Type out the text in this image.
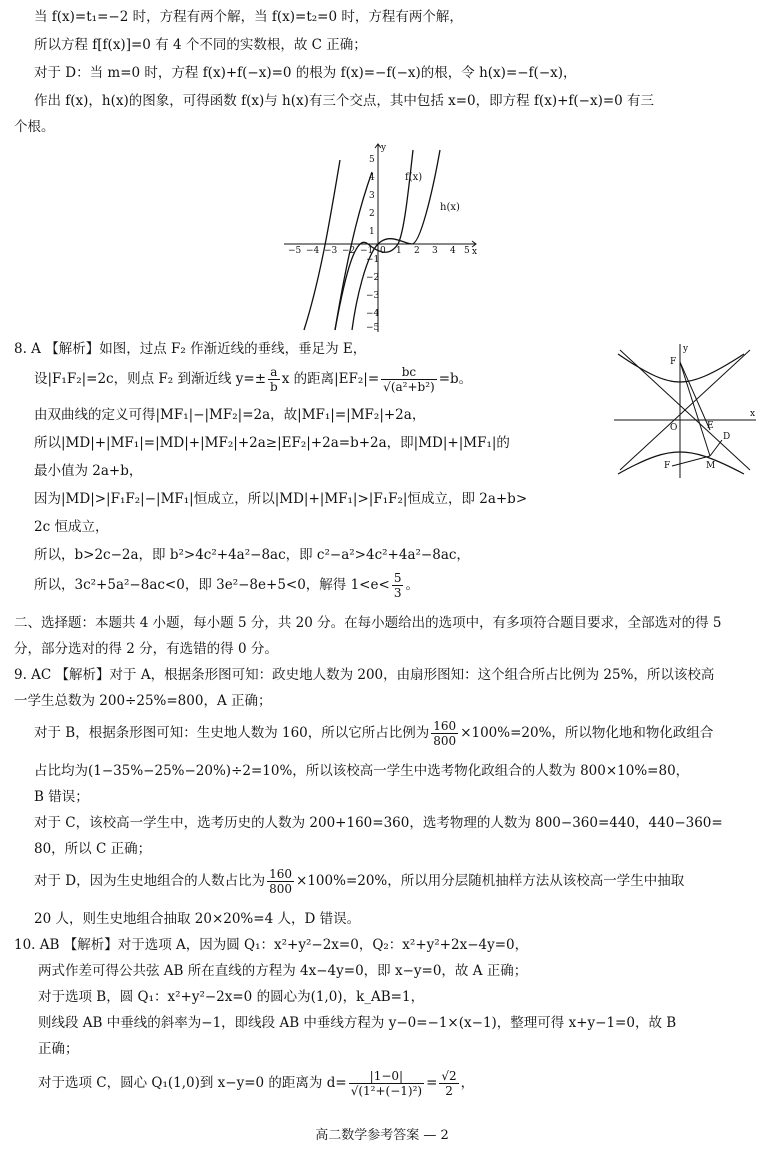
当 f(x)=t₁=−2 时，方程有两个解，当 f(x)=t₂=0 时，方程有两个解，
所以方程 f[f(x)]=0 有 4 个不同的实数根，故 C 正确；
对于 D：当 m=0 时，方程 f(x)+f(−x)=0 的根为 f(x)=−f(−x)的根，令 h(x)=−f(−x)，
作出 f(x)，h(x)的图象，可得函数 f(x)与 h(x)有三个交点，其中包括 x=0，即方程 f(x)+f(−x)=0 有三
个根。
y
x
f(x)
h(x)
−5 −4 −3 −2 −1 0 1 2 3 4 5
5
4
3
2
1
−1
−2
−3
−4
−5
8. A 【解析】如图，过点 F₂ 作渐近线的垂线，垂足为 E，
设|F₁F₂|=2c，则点 F₂ 到渐近线 $y=\pm \frac{a}{b}$ x 的距离$|EF_2|= \frac{bc}{\text{√(a²+b²)}} =b$。
由双曲线的定义可得|MF₁|−|MF₂|=2a，故|MF₁|=|MF₂|+2a，
所以|MD|+|MF₁|=|MD|+|MF₂|+2a≥|EF₂|+2a=b+2a，即|MD|+|MF₁|的
最小值为 2a+b，
因为|MD|>|F₁F₂|−|MF₁|恒成立，所以|MD|+|MF₁|>|F₁F₂|恒成立，即 2a+b>
2c 恒成立，
所以，b>2c−2a，即 b²>4c²+4a²−8ac，即 c²−a²>4c²+4a²−8ac，
所以，3c²+5a²−8ac<0，即 3e²−8e+5<0，解得 $1<e< \frac{5}{3}$ 。
y
x
O	E
D
M
F
F
二、选择题：本题共 4 小题，每小题 5 分，共 20 分。在每小题给出的选项中，有多项符合题目要求，全部选对的得 5
分，部分选对的得 2 分，有选错的得 0 分。
9. AC 【解析】对于 A，根据条形图可知：政史地人数为 200，由扇形图知：这个组合所占比例为 25%，所以该校高
一学生总数为 200÷25%=800，A 正确；
对于 B，根据条形图可知：生史地人数为 160，所以它所占比例为 $\frac{160}{800} \times 100\%=20\%$，所以物化地和物化政组合
占比均为(1−35%−25%−20%)÷2=10%，所以该校高一学生中选考物化政组合的人数为 800×10%=80，
B 错误；
对于 C，该校高一学生中，选考历史的人数为 200+160=360，选考物理的人数为 800−360=440，440−360=
80，所以 C 正确；
对于 D，因为生史地组合的人数占比为 $\frac{160}{800} \times 100\%=20\%$，所以用分层随机抽样方法从该校高一学生中抽取
20 人，则生史地组合抽取 20×20%=4 人，D 错误。
10. AB 【解析】对于选项 A，因为圆 Q₁：x²+y²−2x=0，Q₂：x²+y²+2x−4y=0，
两式作差可得公共弦 AB 所在直线的方程为 4x−4y=0，即 x−y=0，故 A 正确；
对于选项 B，圆 Q₁：x²+y²−2x=0 的圆心为(1,0)，k_AB=1，
则线段 AB 中垂线的斜率为−1，即线段 AB 中垂线方程为 y−0=−1×(x−1)，整理可得 x+y−1=0，故 B
正确；
对于选项 C，圆心 Q₁(1,0)到 x−y=0 的距离为 $d= \frac{|1-0|}{\text{√(1²+(−1)²)}} = \frac{√2}{2}$ ，
高二数学参考答案 — 2
